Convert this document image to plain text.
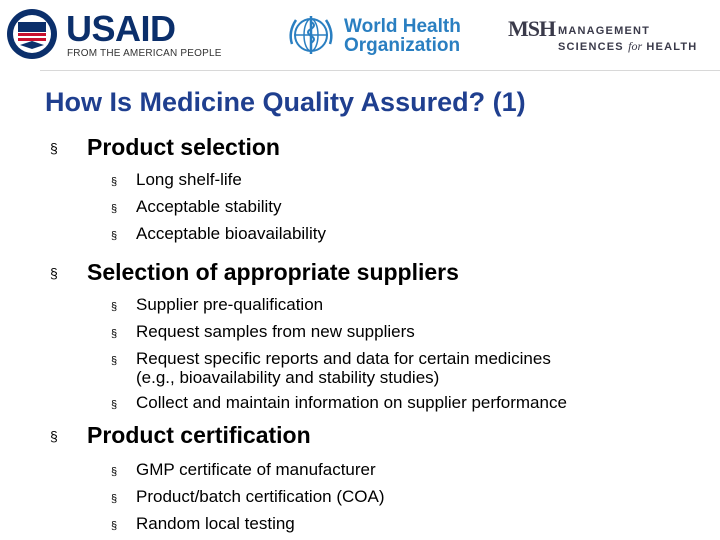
USAID
FROM THE AMERICAN PEOPLE
World Health
Organization
MSH MANAGEMENT
SCIENCES for HEALTH
How Is Medicine Quality Assured? (1)
§ Product selection
§ Long shelf-life
§ Acceptable stability
§ Acceptable bioavailability
§ Selection of appropriate suppliers
§ Supplier pre-qualification
§ Request samples from new suppliers
§ Request specific reports and data for certain medicines
(e.g., bioavailability and stability studies)
§ Collect and maintain information on supplier performance
§ Product certification
§ GMP certificate of manufacturer
§ Product/batch certification (COA)
§ Random local testing
